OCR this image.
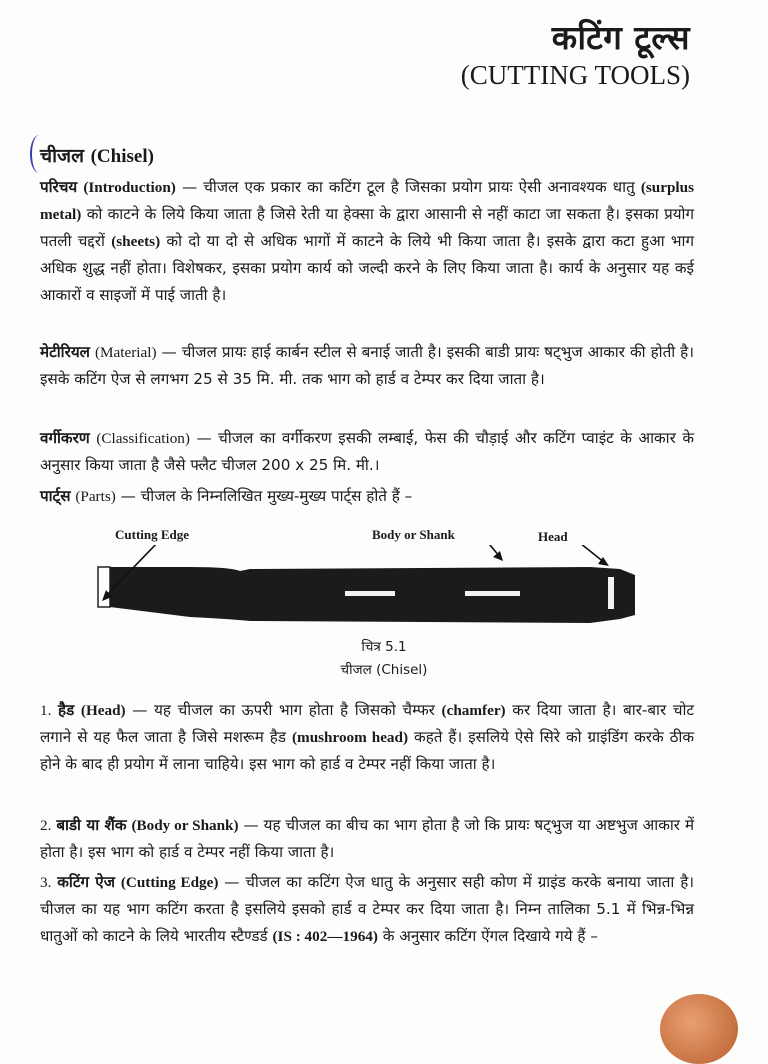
कटिंग टूल्स
(CUTTING TOOLS)
चीजल (Chisel)
परिचय (Introduction) — चीजल एक प्रकार का कटिंग टूल है जिसका प्रयोग प्रायः ऐसी अनावश्यक धातु (surplus metal) को काटने के लिये किया जाता है जिसे रेती या हेक्सा के द्वारा आसानी से नहीं काटा जा सकता है। इसका प्रयोग पतली चद्दरों (sheets) को दो या दो से अधिक भागों में काटने के लिये भी किया जाता है। इसके द्वारा कटा हुआ भाग अधिक शुद्ध नहीं होता। विशेषकर, इसका प्रयोग कार्य को जल्दी करने के लिए किया जाता है। कार्य के अनुसार यह कई आकारों व साइजों में पाई जाती है।
मेटीरियल (Material) — चीजल प्रायः हाई कार्बन स्टील से बनाई जाती है। इसकी बाडी प्रायः षट्भुज आकार की होती है। इसके कटिंग ऐज से लगभग 25 से 35 मि. मी. तक भाग को हार्ड व टेम्पर कर दिया जाता है।
वर्गीकरण (Classification) — चीजल का वर्गीकरण इसकी लम्बाई, फेस की चौड़ाई और कटिंग प्वाइंट के आकार के अनुसार किया जाता है जैसे फ्लैट चीजल 200 x 25 मि. मी.।
पार्ट्स (Parts) — चीजल के निम्नलिखित मुख्य-मुख्य पार्ट्स होते हैं –
Cutting Edge	Body or Shank	Head
चित्र 5.1
चीजल (Chisel)
1. हैड (Head) — यह चीजल का ऊपरी भाग होता है जिसको चैम्फर (chamfer) कर दिया जाता है। बार-बार चोट लगाने से यह फैल जाता है जिसे मशरूम हैड (mushroom head) कहते हैं। इसलिये ऐसे सिरे को ग्राइंडिंग करके ठीक होने के बाद ही प्रयोग में लाना चाहिये। इस भाग को हार्ड व टेम्पर नहीं किया जाता है।
2. बाडी या शैंक (Body or Shank) — यह चीजल का बीच का भाग होता है जो कि प्रायः षट्भुज या अष्टभुज आकार में होता है। इस भाग को हार्ड व टेम्पर नहीं किया जाता है।
3. कटिंग ऐज (Cutting Edge) — चीजल का कटिंग ऐज धातु के अनुसार सही कोण में ग्राइंड करके बनाया जाता है। चीजल का यह भाग कटिंग करता है इसलिये इसको हार्ड व टेम्पर कर दिया जाता है। निम्न तालिका 5.1 में भिन्न-भिन्न धातुओं को काटने के लिये भारतीय स्टैण्डर्ड (IS : 402—1964) के अनुसार कटिंग ऐंगल दिखाये गये हैं –
